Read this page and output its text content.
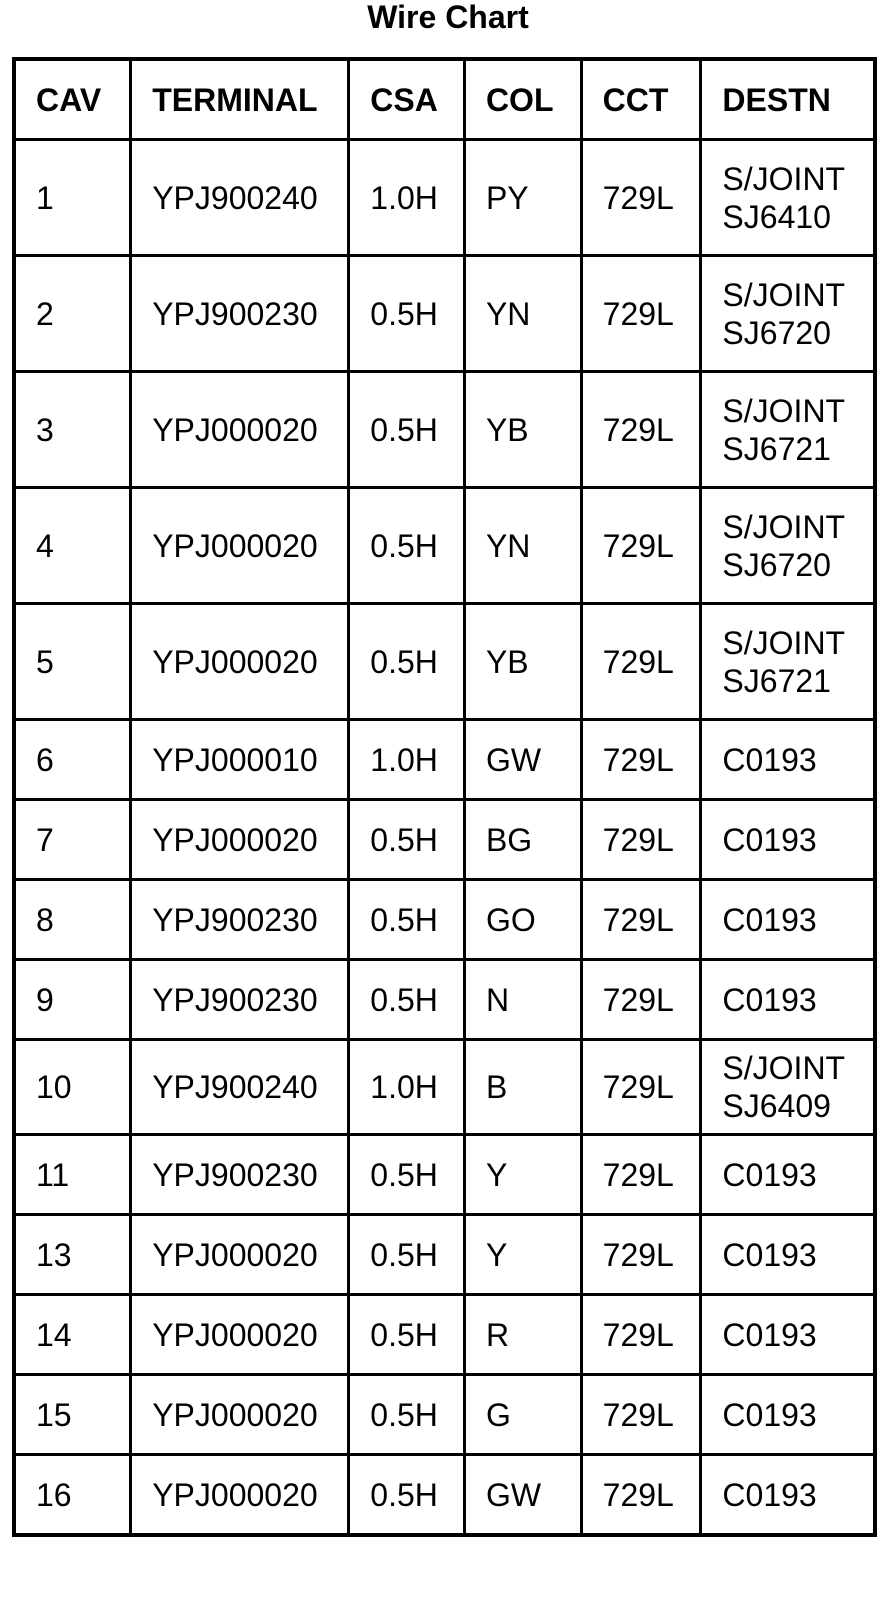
Wire Chart
CAV	TERMINAL	CSA	COL	CCT	DESTN
1	YPJ900240	1.0H	PY	729L	S/JOINT
SJ6410

2	YPJ900230	0.5H	YN	729L	S/JOINT
SJ6720

3	YPJ000020	0.5H	YB	729L	S/JOINT
SJ6721

4	YPJ000020	0.5H	YN	729L	S/JOINT
SJ6720

5	YPJ000020	0.5H	YB	729L	S/JOINT
SJ6721

6	YPJ000010	1.0H	GW	729L	C0193

7	YPJ000020	0.5H	BG	729L	C0193

8	YPJ900230	0.5H	GO	729L	C0193

9	YPJ900230	0.5H	N	729L	C0193

10	YPJ900240	1.0H	B	729L	S/JOINT
SJ6409

11	YPJ900230	0.5H	Y	729L	C0193

13	YPJ000020	0.5H	Y	729L	C0193

14	YPJ000020	0.5H	R	729L	C0193

15	YPJ000020	0.5H	G	729L	C0193

16	YPJ000020	0.5H	GW	729L	C0193
